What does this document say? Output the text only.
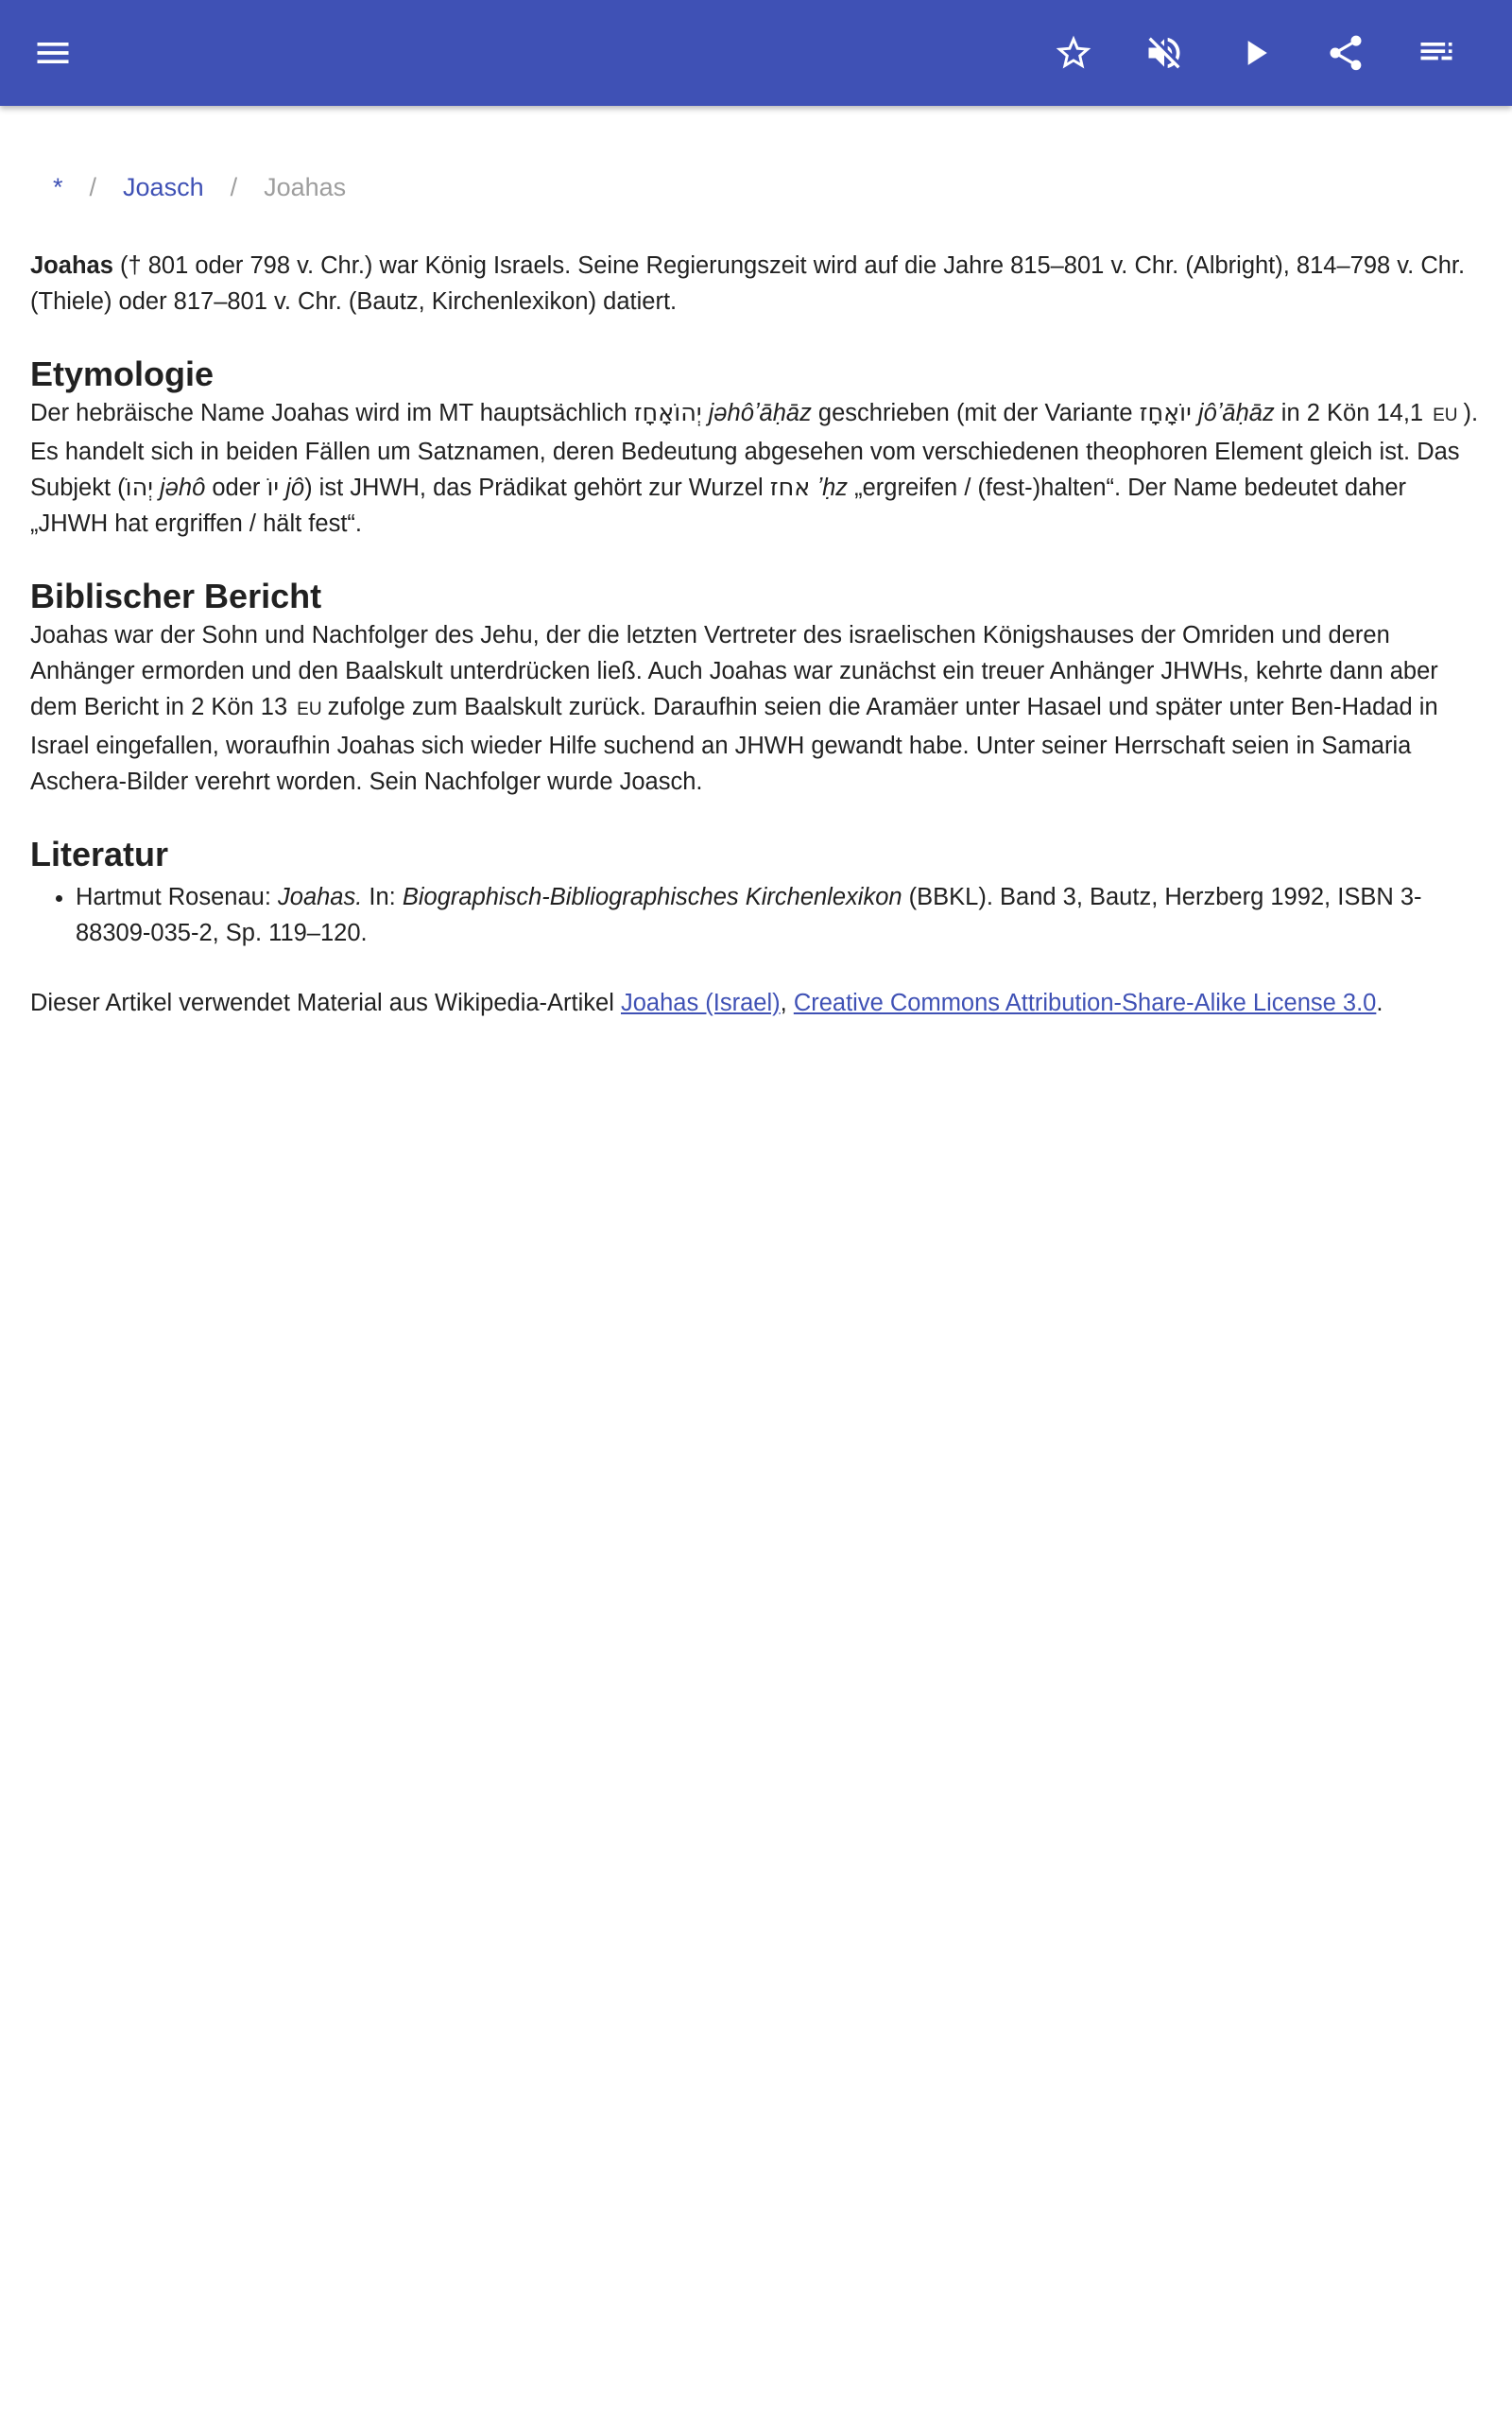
* / Joasch / Joahas

Joahas († 801 oder 798 v. Chr.) war König Israels. Seine Regierungszeit wird auf die Jahre 815–801 v. Chr. (Albright), 814–798 v. Chr. (Thiele) oder 817–801 v. Chr. (Bautz, Kirchenlexikon) datiert.

Etymologie

Der hebräische Name Joahas wird im MT hauptsächlich יְהוֹאָחָז jəhôʼāḥāz geschrieben (mit der Variante יוֹאָחָז jôʼāḥāz in 2 Kön 14,1 EU ). Es handelt sich in beiden Fällen um Satznamen, deren Bedeutung abgesehen vom verschiedenen theophoren Element gleich ist. Das Subjekt (יְהוֹ jəhô oder יוֹ jô) ist JHWH, das Prädikat gehört zur Wurzel אחז ʼḥz „ergreifen / (fest-)halten“. Der Name bedeutet daher „JHWH hat ergriffen / hält fest“.

Biblischer Bericht

Joahas war der Sohn und Nachfolger des Jehu, der die letzten Vertreter des israelischen Königshauses der Omriden und deren Anhänger ermorden und den Baalskult unterdrücken ließ. Auch Joahas war zunächst ein treuer Anhänger JHWHs, kehrte dann aber dem Bericht in 2 Kön 13 EU zufolge zum Baalskult zurück. Daraufhin seien die Aramäer unter Hasael und später unter Ben-Hadad in Israel eingefallen, woraufhin Joahas sich wieder Hilfe suchend an JHWH gewandt habe. Unter seiner Herrschaft seien in Samaria Aschera-Bilder verehrt worden. Sein Nachfolger wurde Joasch.

Literatur
• Hartmut Rosenau: Joahas. In: Biographisch-Bibliographisches Kirchenlexikon (BBKL). Band 3, Bautz, Herzberg 1992, ISBN 3-88309-035-2, Sp. 119–120.

Dieser Artikel verwendet Material aus Wikipedia-Artikel Joahas (Israel), Creative Commons Attribution-Share-Alike License 3.0.
